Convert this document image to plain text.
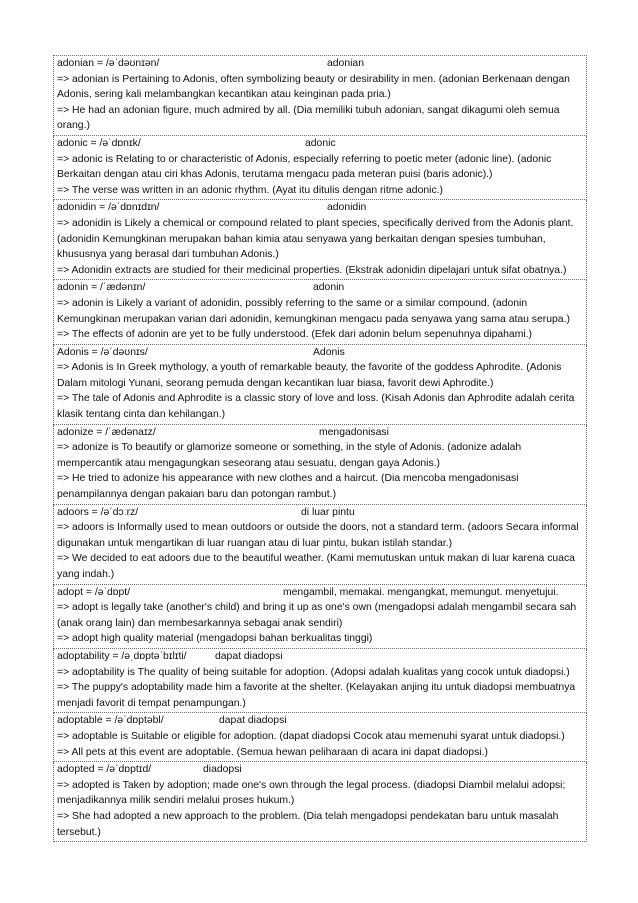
adonian = /əˈdəʊnɪən/	adonian
=> adonian is Pertaining to Adonis, often symbolizing beauty or desirability in men. (adonian Berkenaan dengan Adonis, sering kali melambangkan kecantikan atau keinginan pada pria.)
=> He had an adonian figure, much admired by all. (Dia memiliki tubuh adonian, sangat dikagumi oleh semua orang.)
adonic = /əˈdɒnɪk/	adonic
=> adonic is Relating to or characteristic of Adonis, especially referring to poetic meter (adonic line). (adonic Berkaitan dengan atau ciri khas Adonis, terutama mengacu pada meteran puisi (baris adonic).)
=> The verse was written in an adonic rhythm. (Ayat itu ditulis dengan ritme adonic.)
adonidin = /əˈdɒnɪdɪn/	adonidin
=> adonidin is Likely a chemical or compound related to plant species, specifically derived from the Adonis plant. (adonidin Kemungkinan merupakan bahan kimia atau senyawa yang berkaitan dengan spesies tumbuhan, khususnya yang berasal dari tumbuhan Adonis.)
=> Adonidin extracts are studied for their medicinal properties. (Ekstrak adonidin dipelajari untuk sifat obatnya.)
adonin = /ˈædənɪn/	adonin
=> adonin is Likely a variant of adonidin, possibly referring to the same or a similar compound. (adonin Kemungkinan merupakan varian dari adonidin, kemungkinan mengacu pada senyawa yang sama atau serupa.)
=> The effects of adonin are yet to be fully understood. (Efek dari adonin belum sepenuhnya dipahami.)
Adonis = /əˈdəʊnɪs/	Adonis
=> Adonis is In Greek mythology, a youth of remarkable beauty, the favorite of the goddess Aphrodite. (Adonis Dalam mitologi Yunani, seorang pemuda dengan kecantikan luar biasa, favorit dewi Aphrodite.)
=> The tale of Adonis and Aphrodite is a classic story of love and loss. (Kisah Adonis dan Aphrodite adalah cerita klasik tentang cinta dan kehilangan.)
adonize = /ˈædənaɪz/	mengadonisasi
=> adonize is To beautify or glamorize someone or something, in the style of Adonis. (adonize adalah mempercantik atau mengagungkan seseorang atau sesuatu, dengan gaya Adonis.)
=> He tried to adonize his appearance with new clothes and a haircut. (Dia mencoba mengadonisasi penampilannya dengan pakaian baru dan potongan rambut.)
adoors = /əˈdɔːrz/	di luar pintu
=> adoors is Informally used to mean outdoors or outside the doors, not a standard term. (adoors Secara informal digunakan untuk mengartikan di luar ruangan atau di luar pintu, bukan istilah standar.)
=> We decided to eat adoors due to the beautiful weather. (Kami memutuskan untuk makan di luar karena cuaca yang indah.)
adopt = /əˈdɒpt/	mengambil, memakai. mengangkat, memungut. menyetujui.
=> adopt is legally take (another's child) and bring it up as one's own (mengadopsi adalah mengambil secara sah (anak orang lain) dan membesarkannya sebagai anak sendiri)
=> adopt high quality material (mengadopsi bahan berkualitas tinggi)
adoptability = /əˌdɒptəˈbɪlɪti/	dapat diadopsi
=> adoptability is The quality of being suitable for adoption. (Adopsi adalah kualitas yang cocok untuk diadopsi.)
=> The puppy's adoptability made him a favorite at the shelter. (Kelayakan anjing itu untuk diadopsi membuatnya menjadi favorit di tempat penampungan.)
adoptable = /əˈdɒptəbl/	dapat diadopsi
=> adoptable is Suitable or eligible for adoption. (dapat diadopsi Cocok atau memenuhi syarat untuk diadopsi.)
=> All pets at this event are adoptable. (Semua hewan peliharaan di acara ini dapat diadopsi.)
adopted = /əˈdɒptɪd/	diadopsi
=> adopted is Taken by adoption; made one's own through the legal process. (diadopsi Diambil melalui adopsi; menjadikannya milik sendiri melalui proses hukum.)
=> She had adopted a new approach to the problem. (Dia telah mengadopsi pendekatan baru untuk masalah tersebut.)
